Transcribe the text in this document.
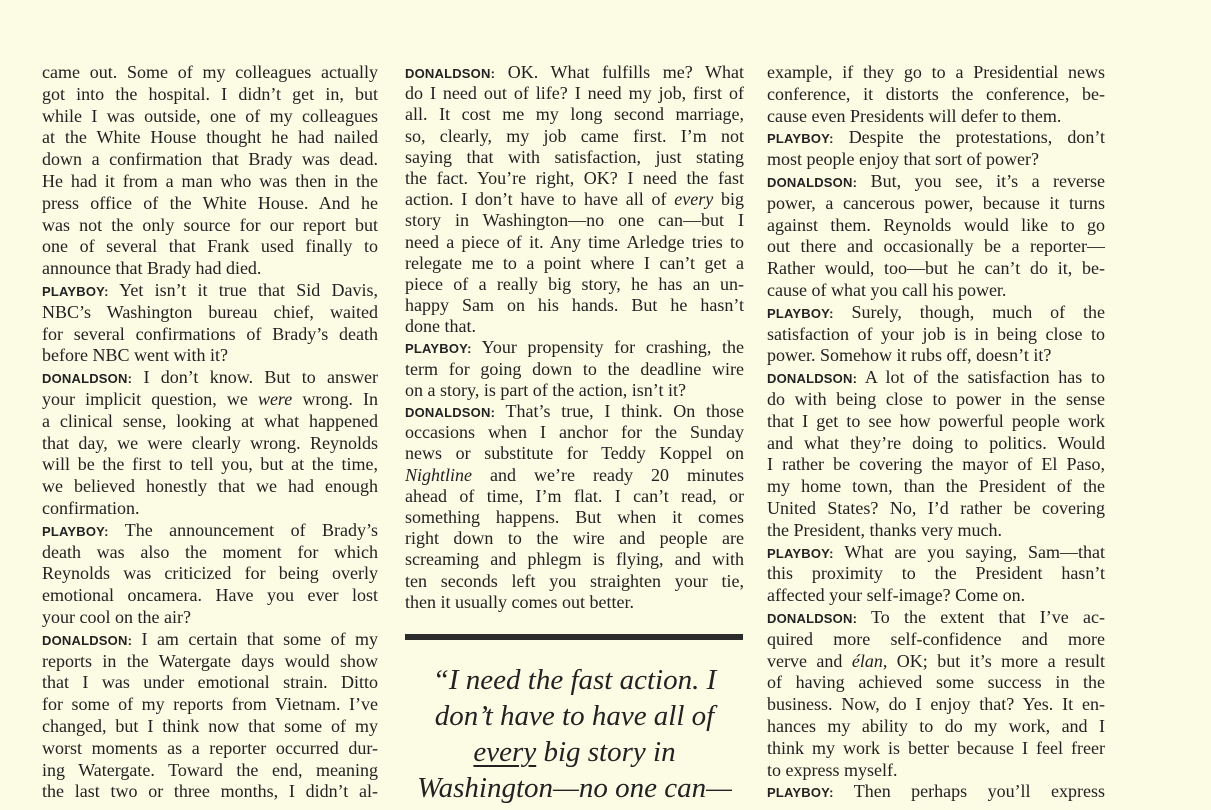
came out. Some of my colleagues actually
got into the hospital. I didn’t get in, but
while I was outside, one of my colleagues
at the White House thought he had nailed
down a confirmation that Brady was dead.
He had it from a man who was then in the
press office of the White House. And he
was not the only source for our report but
one of several that Frank used finally to
announce that Brady had died.
PLAYBOY: Yet isn’t it true that Sid Davis,
NBC’s Washington bureau chief, waited
for several confirmations of Brady’s death
before NBC went with it?
DONALDSON: I don’t know. But to answer
your implicit question, we were wrong. In
a clinical sense, looking at what happened
that day, we were clearly wrong. Reynolds
will be the first to tell you, but at the time,
we believed honestly that we had enough
confirmation.
PLAYBOY: The announcement of Brady’s
death was also the moment for which
Reynolds was criticized for being overly
emotional oncamera. Have you ever lost
your cool on the air?
DONALDSON: I am certain that some of my
reports in the Watergate days would show
that I was under emotional strain. Ditto
for some of my reports from Vietnam. I’ve
changed, but I think now that some of my
worst moments as a reporter occurred dur-
ing Watergate. Toward the end, meaning
the last two or three months, I didn’t al-
DONALDSON: OK. What fulfills me? What
do I need out of life? I need my job, first of
all. It cost me my long second marriage,
so, clearly, my job came first. I’m not
saying that with satisfaction, just stating
the fact. You’re right, OK? I need the fast
action. I don’t have to have all of every big
story in Washington—no one can—but I
need a piece of it. Any time Arledge tries to
relegate me to a point where I can’t get a
piece of a really big story, he has an un-
happy Sam on his hands. But he hasn’t
done that.
PLAYBOY: Your propensity for crashing, the
term for going down to the deadline wire
on a story, is part of the action, isn’t it?
DONALDSON: That’s true, I think. On those
occasions when I anchor for the Sunday
news or substitute for Teddy Koppel on
Nightline and we’re ready 20 minutes
ahead of time, I’m flat. I can’t read, or
something happens. But when it comes
right down to the wire and people are
screaming and phlegm is flying, and with
ten seconds left you straighten your tie,
then it usually comes out better.
example, if they go to a Presidential news
conference, it distorts the conference, be-
cause even Presidents will defer to them.
PLAYBOY: Despite the protestations, don’t
most people enjoy that sort of power?
DONALDSON: But, you see, it’s a reverse
power, a cancerous power, because it turns
against them. Reynolds would like to go
out there and occasionally be a reporter—
Rather would, too—but he can’t do it, be-
cause of what you call his power.
PLAYBOY: Surely, though, much of the
satisfaction of your job is in being close to
power. Somehow it rubs off, doesn’t it?
DONALDSON: A lot of the satisfaction has to
do with being close to power in the sense
that I get to see how powerful people work
and what they’re doing to politics. Would
I rather be covering the mayor of El Paso,
my home town, than the President of the
United States? No, I’d rather be covering
the President, thanks very much.
PLAYBOY: What are you saying, Sam—that
this proximity to the President hasn’t
affected your self-image? Come on.
DONALDSON: To the extent that I’ve ac-
quired more self-confidence and more
verve and élan, OK; but it’s more a result
of having achieved some success in the
business. Now, do I enjoy that? Yes. It en-
hances my ability to do my work, and I
think my work is better because I feel freer
to express myself.
PLAYBOY: Then perhaps you’ll express
“I need the fast action. I
don’t have to have all of
every big story in
Washington—no one can—
